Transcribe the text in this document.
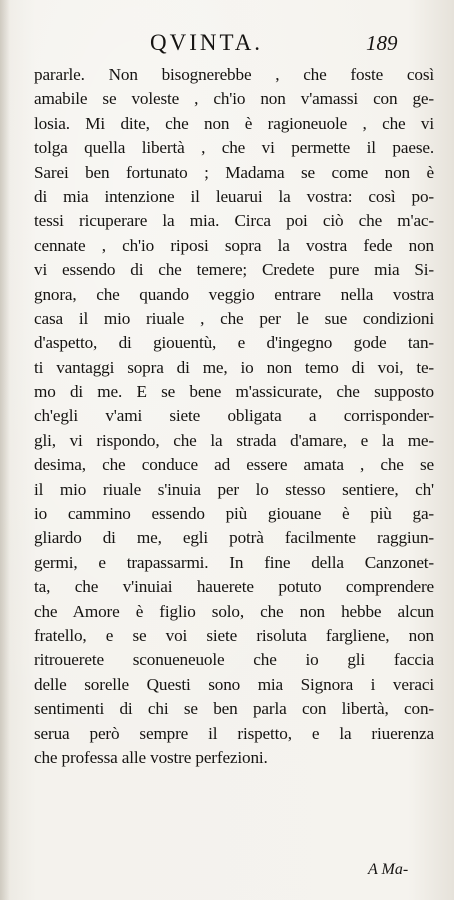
QVINTA.	189
pararle. Non bisognerebbe , che foste così
amabile se voleste , ch'io non v'amassi con ge-
losia. Mi dite, che non è ragioneuole , che vi
tolga quella libertà , che vi permette il paese.
Sarei ben fortunato ; Madama se come non è
di mia intenzione il leuarui la vostra: così po-
tessi ricuperare la mia. Circa poi ciò che m'ac-
cennate , ch'io riposi sopra la vostra fede non
vi essendo di che temere; Credete pure mia Si-
gnora, che quando veggio entrare nella vostra
casa il mio riuale , che per le sue condizioni
d'aspetto, di giouentù, e d'ingegno gode tan-
ti vantaggi sopra di me, io non temo di voi, te-
mo di me. E se bene m'assicurate, che supposto
ch'egli v'ami siete obligata a corrisponder-
gli, vi rispondo, che la strada d'amare, e la me-
desima, che conduce ad essere amata , che se
il mio riuale s'inuia per lo stesso sentiere, ch'
io cammino essendo più giouane è più ga-
gliardo di me, egli potrà facilmente raggiun-
germi, e trapassarmi. In fine della Canzonet-
ta, che v'inuiai hauerete potuto comprendere
che Amore è figlio solo, che non hebbe alcun
fratello, e se voi siete risoluta fargliene, non
ritrouerete sconueneuole che io gli faccia
delle sorelle Questi sono mia Signora i veraci
sentimenti di chi se ben parla con libertà, con-
serua però sempre il rispetto, e la riuerenza
che professa alle vostre perfezioni.
A Ma-
